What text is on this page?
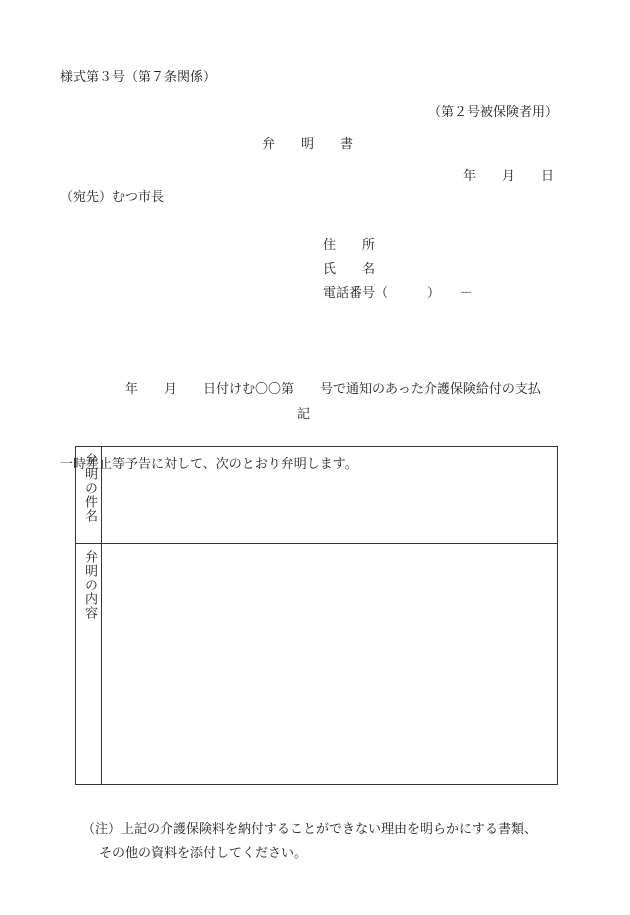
様式第３号（第７条関係）
（第２号被保険者用）
弁　　明　　書
年　　月　　日
（宛先）むつ市長
住　　所
氏　　名
電話番号（　　　）　　－

　　　　　年　　月　　日付けむ〇〇第　　号で通知のあった介護保険給付の支払

一時差止等予告に対して、次のとおり弁明します。

記
弁明の件名
弁明の内容
（注）上記の介護保険料を納付することができない理由を明らかにする書類、
その他の資料を添付してください。
